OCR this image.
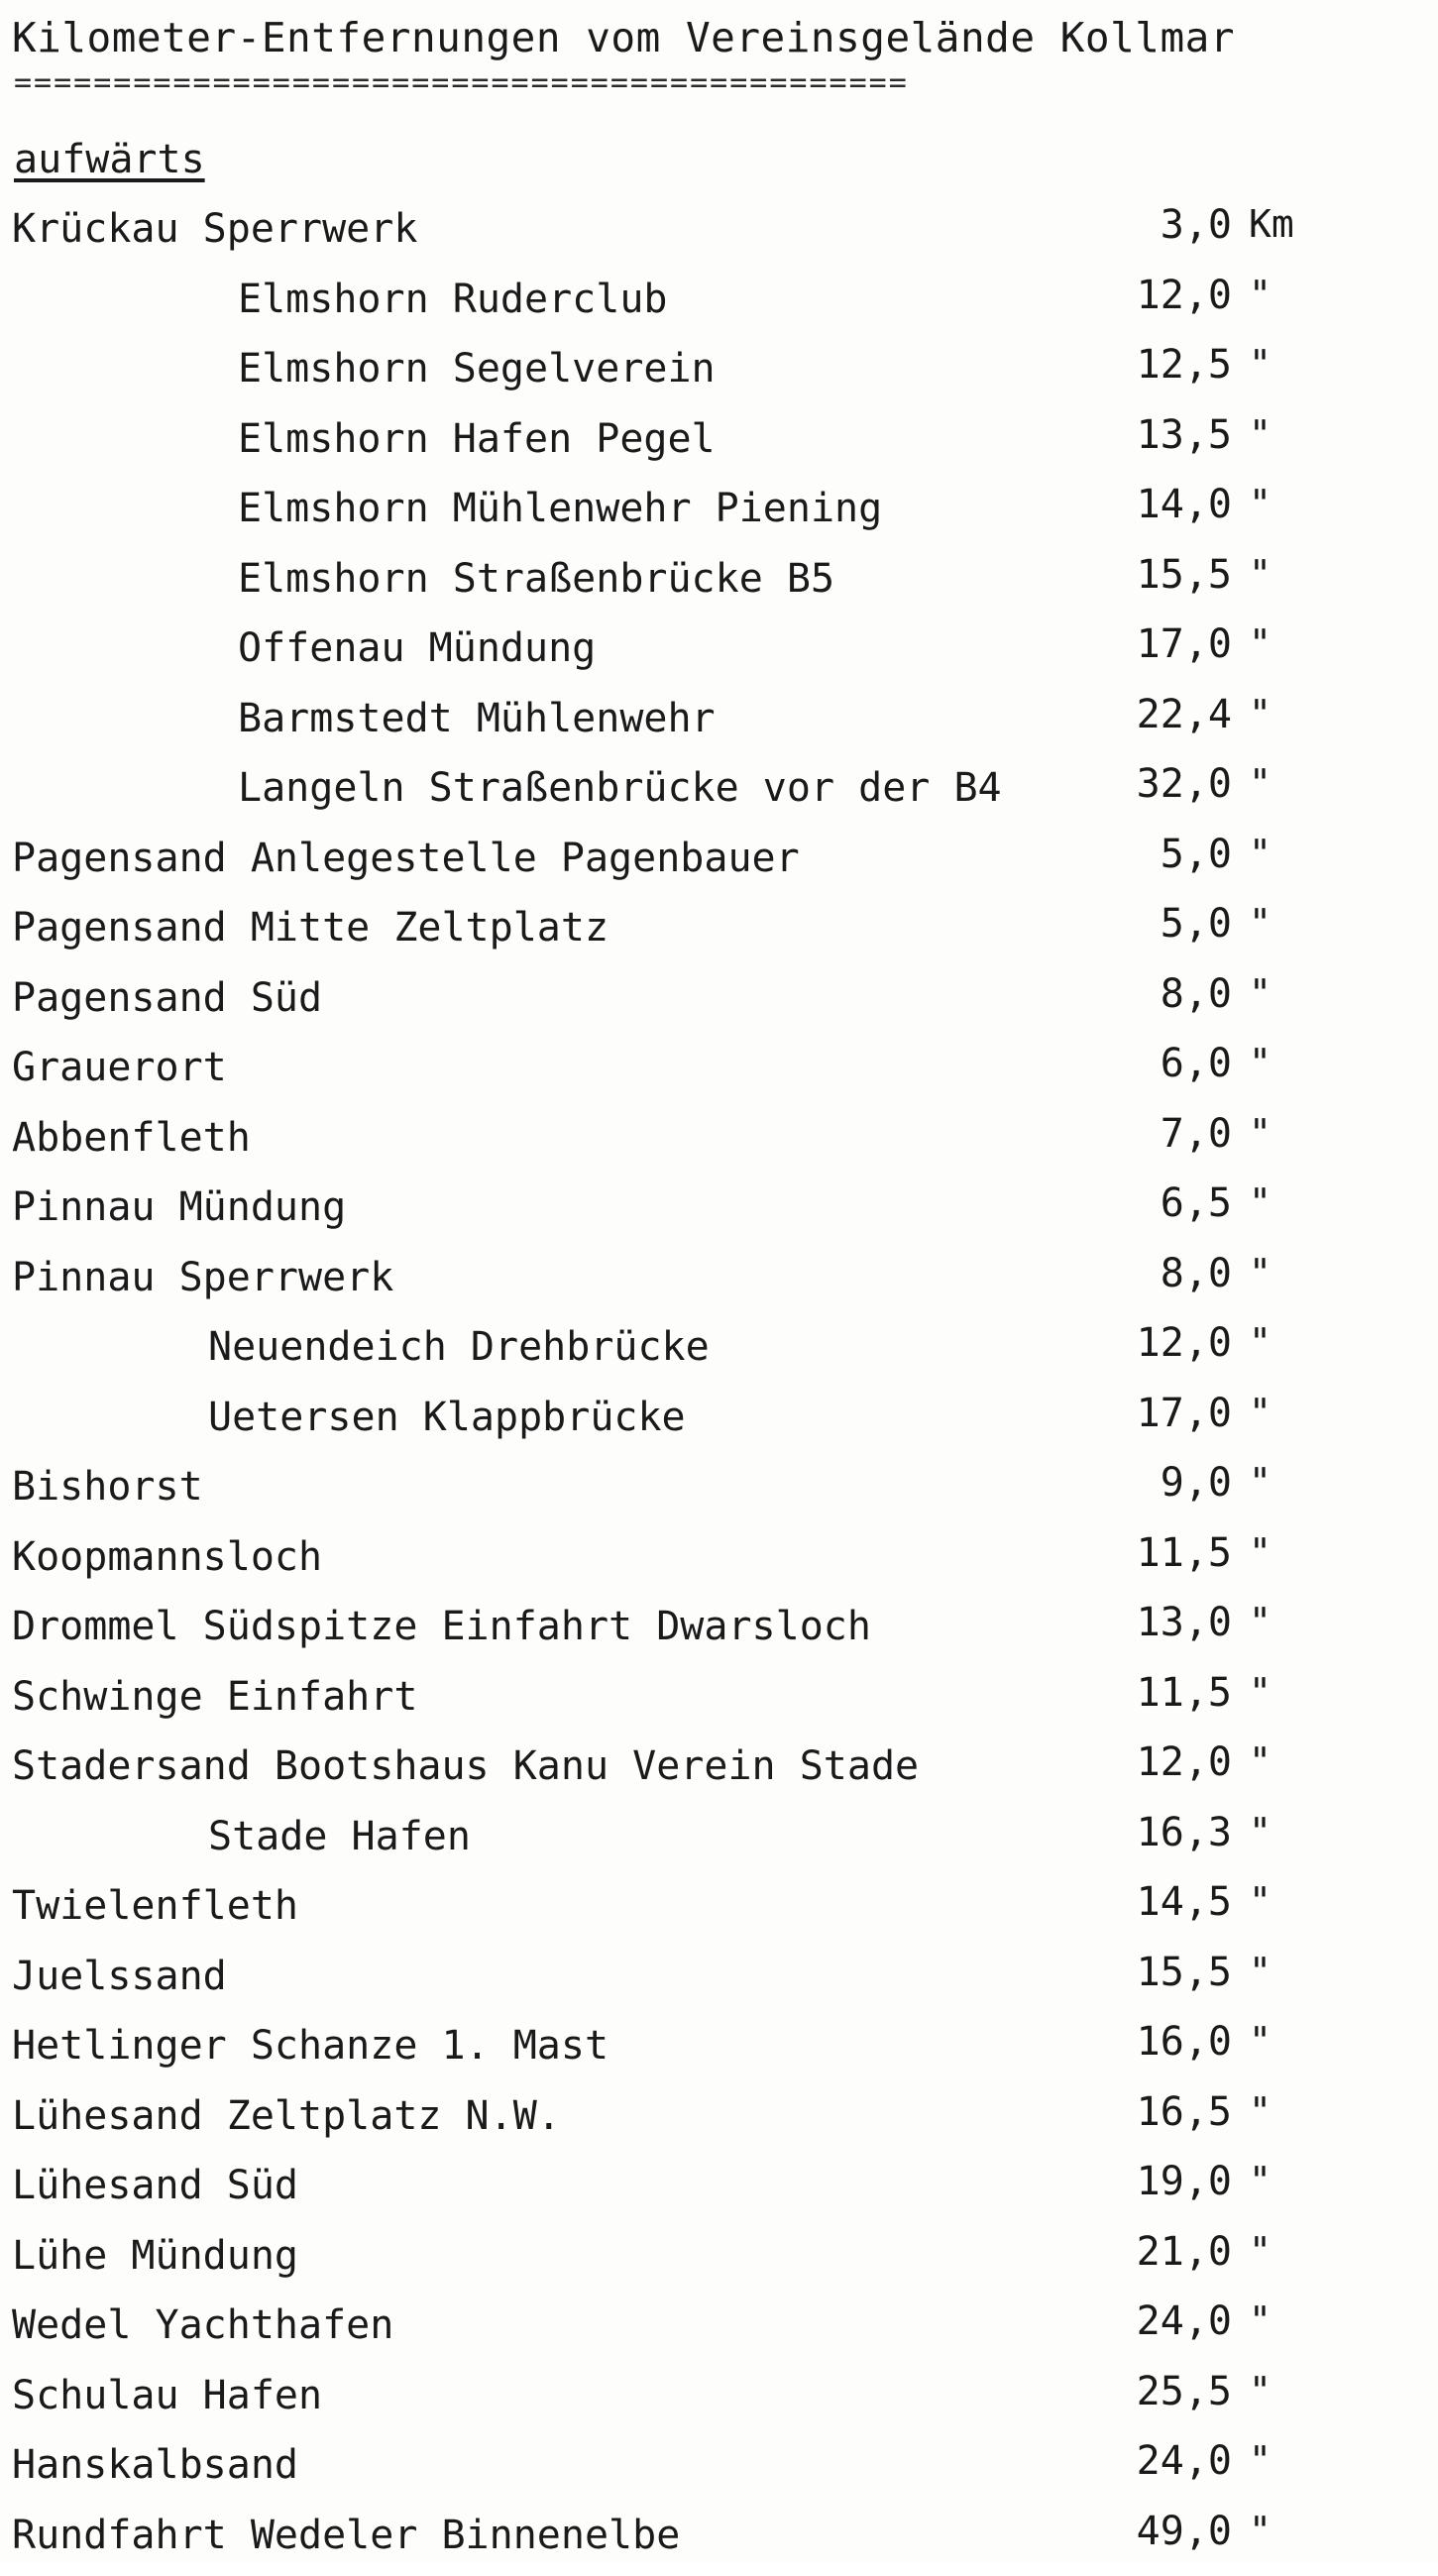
Kilometer-Entfernungen vom Vereinsgelände Kollmar
=============================================
aufwärts
Krückau Sperrwerk	3,0 Km
Elmshorn Ruderclub	12,0 "
Elmshorn Segelverein	12,5 "
Elmshorn Hafen Pegel	13,5 "
Elmshorn Mühlenwehr Piening	14,0 "
Elmshorn Straßenbrücke B5	15,5 "
Offenau Mündung	17,0 "
Barmstedt Mühlenwehr	22,4 "
Langeln Straßenbrücke vor der B4	32,0 "
Pagensand Anlegestelle Pagenbauer	5,0 "
Pagensand Mitte Zeltplatz	5,0 "
Pagensand Süd	8,0 "
Grauerort	6,0 "
Abbenfleth	7,0 "
Pinnau Mündung	6,5 "
Pinnau Sperrwerk	8,0 "
Neuendeich Drehbrücke	12,0 "
Uetersen Klappbrücke	17,0 "
Bishorst	9,0 "
Koopmannsloch	11,5 "
Drommel Südspitze Einfahrt Dwarsloch	13,0 "
Schwinge Einfahrt	11,5 "
Stadersand Bootshaus Kanu Verein Stade	12,0 "
Stade Hafen	16,3 "
Twielenfleth	14,5 "
Juelssand	15,5 "
Hetlinger Schanze 1. Mast	16,0 "
Lühesand Zeltplatz N.W.	16,5 "
Lühesand Süd	19,0 "
Lühe Mündung	21,0 "
Wedel Yachthafen	24,0 "
Schulau Hafen	25,5 "
Hanskalbsand	24,0 "
Rundfahrt Wedeler Binnenelbe	49,0 "
